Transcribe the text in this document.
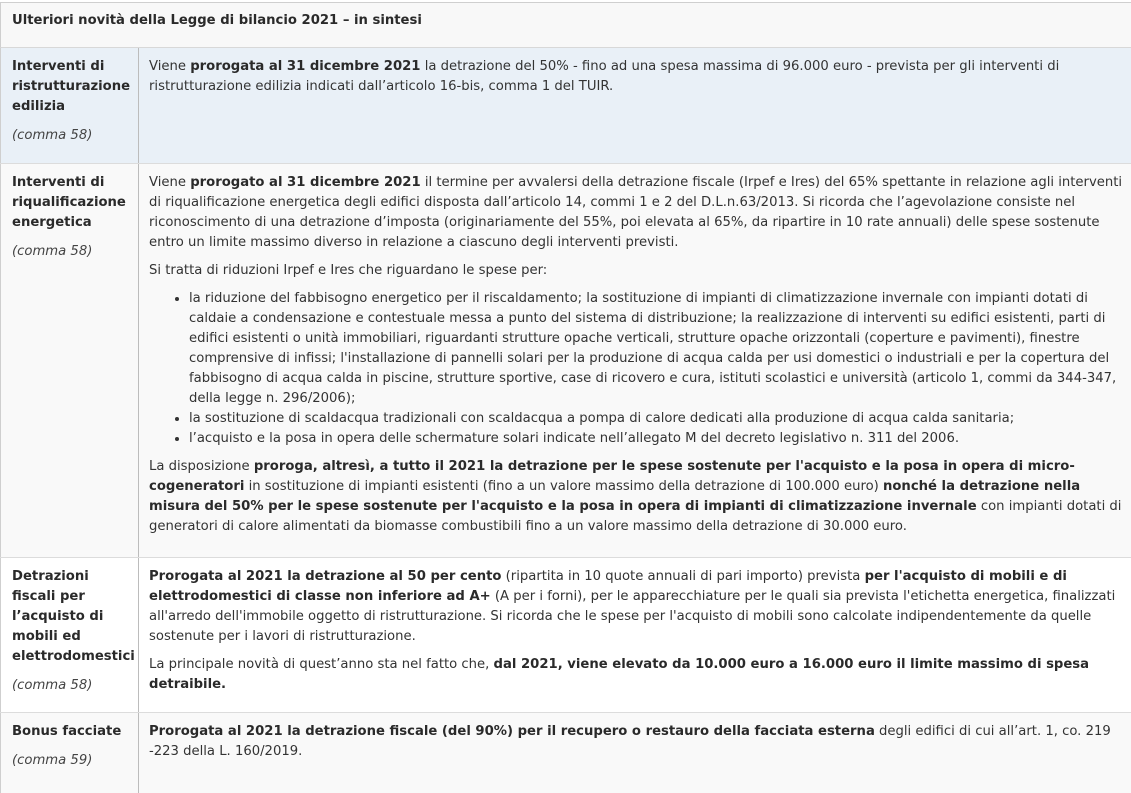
Ulteriori novità della Legge di bilancio 2021 – in sintesi
Interventi di ristrutturazione edilizia
(comma 58)

Viene prorogata al 31 dicembre 2021 la detrazione del 50% - fino ad una spesa massima di 96.000 euro - prevista per gli interventi di ristrutturazione edilizia indicati dall’articolo 16-bis, comma 1 del TUIR.

Interventi di riqualificazione energetica
(comma 58)

Viene prorogato al 31 dicembre 2021 il termine per avvalersi della detrazione fiscale (Irpef e Ires) del 65% spettante in relazione agli interventi di riqualificazione energetica degli edifici disposta dall’articolo 14, commi 1 e 2 del D.L.n.63/2013. Si ricorda che l’agevolazione consiste nel riconoscimento di una detrazione d’imposta (originariamente del 55%, poi elevata al 65%, da ripartire in 10 rate annuali) delle spese sostenute entro un limite massimo diverso in relazione a ciascuno degli interventi previsti.

Si tratta di riduzioni Irpef e Ires che riguardano le spese per:

• la riduzione del fabbisogno energetico per il riscaldamento; la sostituzione di impianti di climatizzazione invernale con impianti dotati di caldaie a condensazione e contestuale messa a punto del sistema di distribuzione; la realizzazione di interventi su edifici esistenti, parti di edifici esistenti o unità immobiliari, riguardanti strutture opache verticali, strutture opache orizzontali (coperture e pavimenti), finestre comprensive di infissi; l'installazione di pannelli solari per la produzione di acqua calda per usi domestici o industriali e per la copertura del fabbisogno di acqua calda in piscine, strutture sportive, case di ricovero e cura, istituti scolastici e università (articolo 1, commi da 344-347, della legge n. 296/2006);
• la sostituzione di scaldacqua tradizionali con scaldacqua a pompa di calore dedicati alla produzione di acqua calda sanitaria;
• l’acquisto e la posa in opera delle schermature solari indicate nell’allegato M del decreto legislativo n. 311 del 2006.

La disposizione proroga, altresì, a tutto il 2021 la detrazione per le spese sostenute per l'acquisto e la posa in opera di micro-cogeneratori in sostituzione di impianti esistenti (fino a un valore massimo della detrazione di 100.000 euro) nonché la detrazione nella misura del 50% per le spese sostenute per l'acquisto e la posa in opera di impianti di climatizzazione invernale con impianti dotati di generatori di calore alimentati da biomasse combustibili fino a un valore massimo della detrazione di 30.000 euro.

Detrazioni fiscali per l’acquisto di mobili ed elettrodomestici
(comma 58)

Prorogata al 2021 la detrazione al 50 per cento (ripartita in 10 quote annuali di pari importo) prevista per l'acquisto di mobili e di elettrodomestici di classe non inferiore ad A+ (A per i forni), per le apparecchiature per le quali sia prevista l'etichetta energetica, finalizzati all'arredo dell'immobile oggetto di ristrutturazione. Si ricorda che le spese per l'acquisto di mobili sono calcolate indipendentemente da quelle sostenute per i lavori di ristrutturazione.

La principale novità di quest’anno sta nel fatto che, dal 2021, viene elevato da 10.000 euro a 16.000 euro il limite massimo di spesa detraibile.

Bonus facciate
(comma 59)

Prorogata al 2021 la detrazione fiscale (del 90%) per il recupero o restauro della facciata esterna degli edifici di cui all’art. 1, co. 219 -223 della L. 160/2019.
